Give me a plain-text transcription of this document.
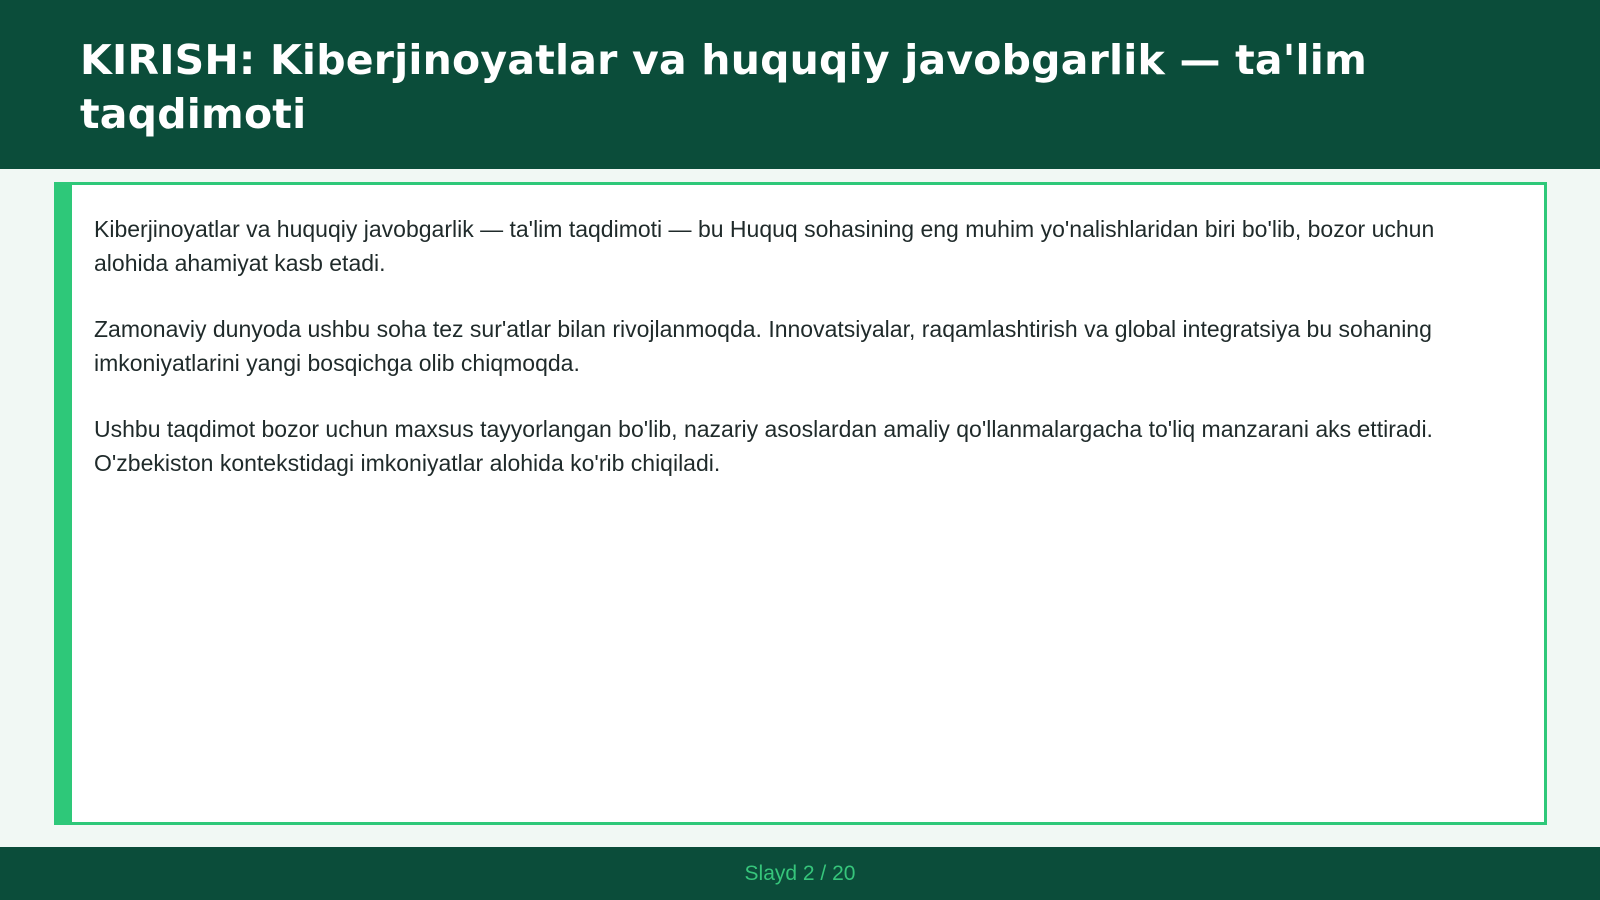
KIRISH: Kiberjinoyatlar va huquqiy javobgarlik — ta'lim taqdimoti

Kiberjinoyatlar va huquqiy javobgarlik — ta'lim taqdimoti — bu Huquq sohasining eng muhim yo'nalishlaridan biri bo'lib, bozor uchun alohida ahamiyat kasb etadi.

Zamonaviy dunyoda ushbu soha tez sur'atlar bilan rivojlanmoqda. Innovatsiyalar, raqamlashtirish va global integratsiya bu sohaning imkoniyatlarini yangi bosqichga olib chiqmoqda.

Ushbu taqdimot bozor uchun maxsus tayyorlangan bo'lib, nazariy asoslardan amaliy qo'llanmalargacha to'liq manzarani aks ettiradi. O'zbekiston kontekstidagi imkoniyatlar alohida ko'rib chiqiladi.

Slayd 2 / 20
